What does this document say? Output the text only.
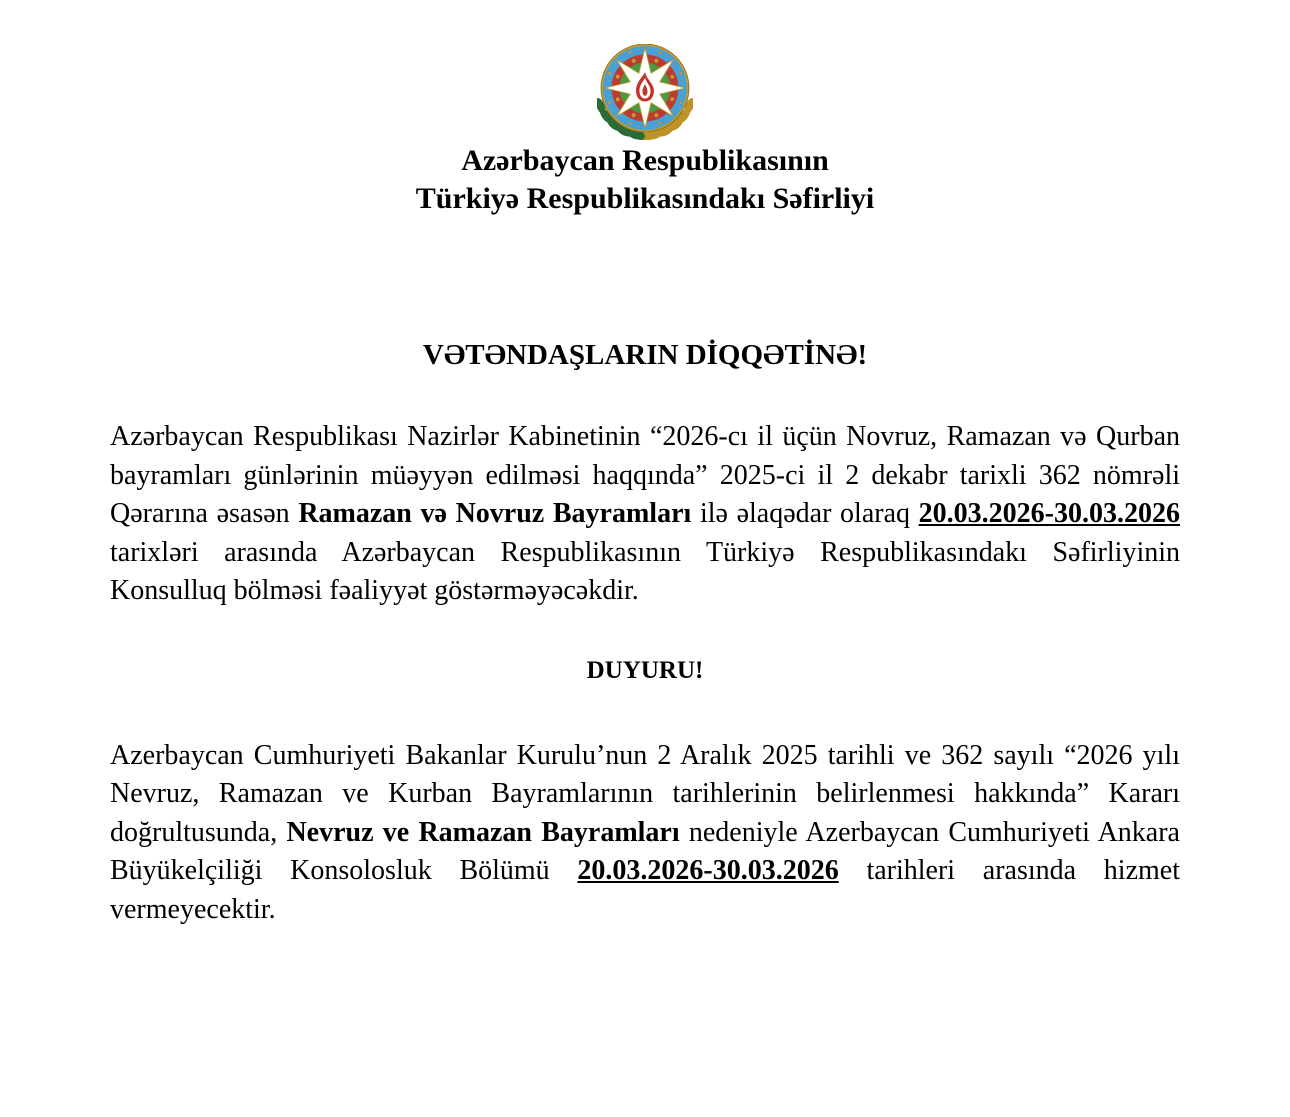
Azərbaycan Respublikasının
Türkiyə Respublikasındakı Səfirliyi
VƏTƏNDAŞLARIN DİQQƏTİNƏ!

Azərbaycan Respublikası Nazirlər Kabinetinin “2026-cı il üçün Novruz, Ramazan və Qurban bayramları günlərinin müəyyən edilməsi haqqında” 2025-ci il 2 dekabr tarixli 362 nömrəli Qərarına əsasən Ramazan və Novruz Bayramları ilə əlaqədar olaraq 20.03.2026-30.03.2026 tarixləri arasında Azərbaycan Respublikasının Türkiyə Respublikasındakı Səfirliyinin Konsulluq bölməsi fəaliyyət göstərməyəcəkdir.

DUYURU!

Azerbaycan Cumhuriyeti Bakanlar Kurulu’nun 2 Aralık 2025 tarihli ve 362 sayılı “2026 yılı Nevruz, Ramazan ve Kurban Bayramlarının tarihlerinin belirlenmesi hakkında” Kararı doğrultusunda, Nevruz ve Ramazan Bayramları nedeniyle Azerbaycan Cumhuriyeti Ankara Büyükelçiliği Konsolosluk Bölümü 20.03.2026-30.03.2026 tarihleri arasında hizmet vermeyecektir.
